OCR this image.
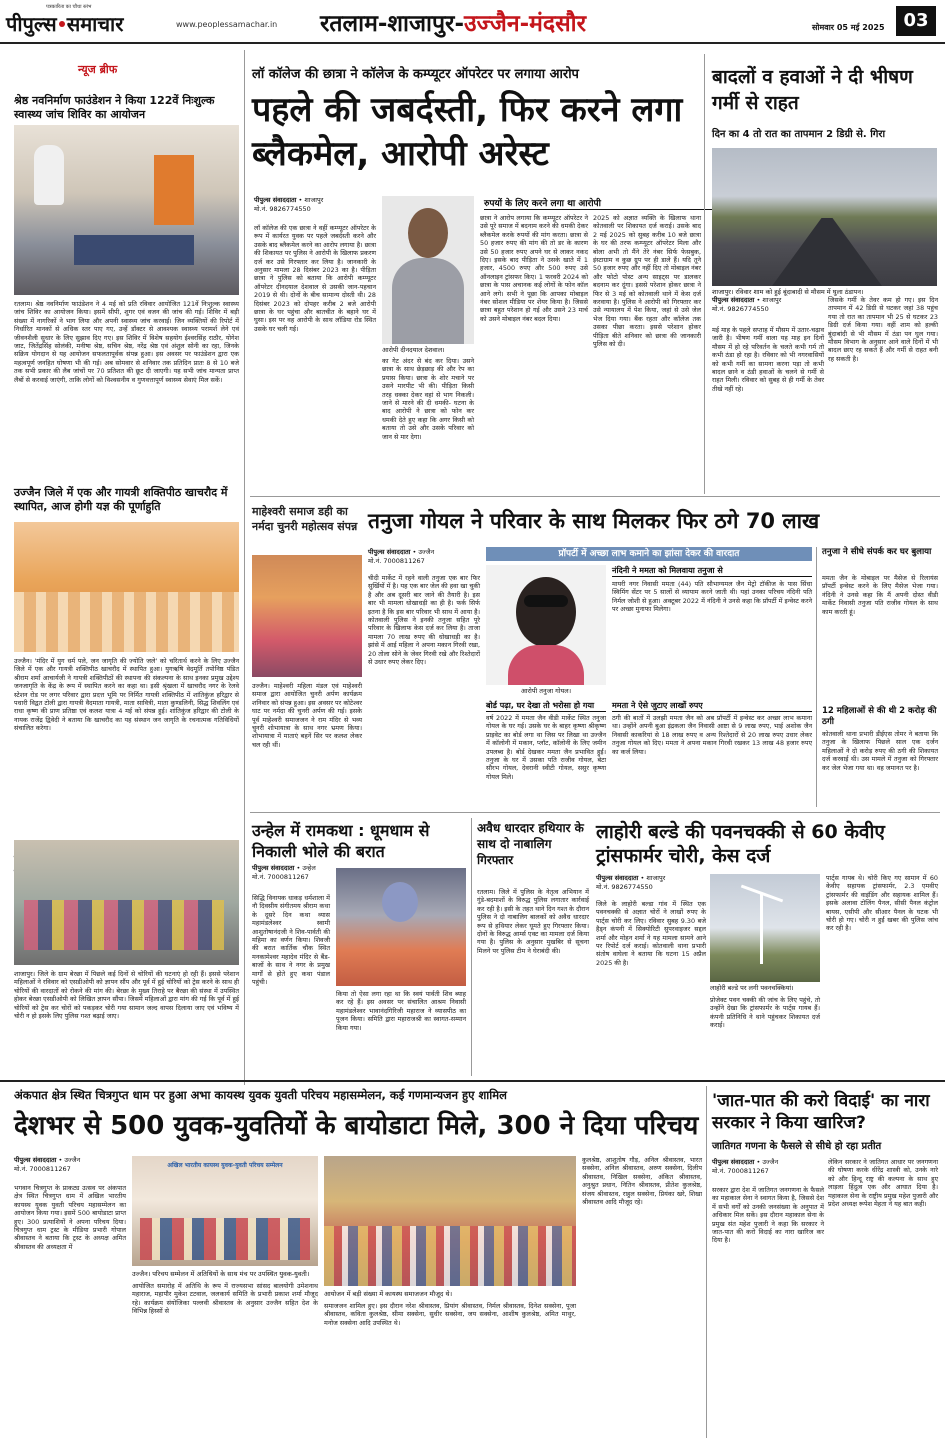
पत्रकारिता का चौथा स्तंभ
पीपुल्स समाचार	www.peoplessamachar.in रतलाम-शाजापुर-उज्जैन-मंदसौर	सोमवार 05 मई 2025	03
न्यूज ब्रीफ
श्रेष्ठ नवनिर्माण फाउंडेशन ने किया 122वें निःशुल्क स्वास्थ्य जांच शिविर का आयोजन
रतलाम। श्रेष्ठ नवनिर्माण फाउंडेशन ने 4 मई को प्रति रविवार आयोजित 121वें निःशुल्क स्वास्थ्य जांच शिविर का आयोजन किया। इसमें सीपी, शुगर एवं वजन की जांच की गई। शिविर में बड़ी संख्या में नागरिकों ने भाग लिया और अपनी स्वास्थ्य जांच करवाई। जिन व्यक्तियों की रिपोर्ट में निर्धारित मानकों से अधिक स्तर पाए गए, उन्हें डॉक्टर से आवश्यक स्वास्थ्य परामर्श लेने एवं जीवनशैली सुधार के लिए सुझाव दिए गए। इस शिविर में विशेष सहयोग ईश्वरसिंह राठौर, योगेश जाट, जितेंद्रसिंह सोलंकी, मनीषा श्रेष्ठ, सचिन श्रेष्ठ, नरेंद्र श्रेष्ठ एवं अंशुल सोनी का रहा, जिनके सक्रिय योगदान से यह आयोजन सफलतापूर्वक संपन्न हुआ। इस अवसर पर फाउंडेशन द्वारा एक महत्वपूर्ण जनहित घोषणा भी की गई। अब सोमवार से शनिवार तक प्रतिदिन प्रातः 8 से 10 बजे तक सभी प्रकार की लैब जांचों पर 70 प्रतिशत की छूट दी जाएगी। यह सभी जांच मान्यता प्राप्त लैबों से करवाई जाएंगी, ताकि लोगों को विश्वसनीय व गुणवत्तापूर्ण स्वास्थ्य सेवाएं मिल सकें।
उज्जैन जिले में एक और गायत्री शक्तिपीठ खाचरौद में स्थापित, आज होगी यज्ञ की पूर्णाहुति
उज्जैन। 'मंदिर में युग धर्म पले, जन जागृति की ज्योति जले' को चरितार्थ करने के लिए उज्जैन जिले में एक और गायत्री शक्तिपीठ खाचरौद में स्थापित हुआ। युगऋषि वेदमूर्ति तपोनिष्ठ पंडित श्रीराम शर्मा आचार्यजी ने गायत्री शक्तिपीठों की स्थापना की संकल्पना के साथ इनका प्रमुख उद्देश्य जनजागृति के केंद्र के रूप में स्थापित करने का कहा था। इसी श्रृंखला में खाचरौद नगर के रेलवे स्टेशन रोड पर लगर परिवार द्वारा प्रदत्त भूमि पर निर्मित गायत्री शक्तिपीठ में शांतिकुंज हरिद्वार से पधारी विद्वत टोली द्वारा गायत्री वैदमाता गायत्री, माता सावित्री, माता कुण्डलिनी, सिद्ध शिवलिंग एवं राधा कृष्ण की प्राण प्रतिष्ठा एवं कलश यात्रा 4 मई को संपन्न हुई। शांतिकुंज हरिद्वार की टोली के नायक राजेंद्र द्विवेदी ने बताया कि खाचरौद का यह संस्थान जन जागृति के रचनात्मक गतिविधियों संचालित करेगा।
शाजापुर। जिले के ग्राम बेरछा में पिछले कई दिनों से चोरियों की घटनाएं हो रही हैं। इससे परेशान महिलाओं ने रविवार को एसडीओपी को ज्ञापन सौंप और पूर्व में हुई चोरियों को ट्रेस करने के साथ ही चोरियों की वारदातों को रोकने की मांग की। बेरछा के मुख्य तिराहे पर बैरछा की संस्था में उपस्थित होकर बेरछा एसडीओपी को लिखित ज्ञापन सौंपा। जिसमें महिलाओं द्वारा मांग की गई कि पूर्व में हुई चोरियों को ट्रेस कर चोरों को पकड़कर चोरी गया सामान जल्द वापस दिलाया जाए एवं भविष्य में चोरी न हो इसके लिए पुलिस गश्त बढ़ाई जाए।
लॉ कॉलेज की छात्रा ने कॉलेज के कम्प्यूटर ऑपरेटर पर लगाया आरोप
पहले की जबर्दस्ती, फिर करने लगा ब्लैकमेल, आरोपी अरेस्ट
पीपुल्स संवाददाता • शाजापुर
मो.नं. 9826774550
लॉ कॉलेज की एक छात्रा ने वहीं कम्प्यूटर ऑपरेटर के रूप में कार्यरत युवक पर पहले जबर्दस्ती करने और उसके बाद ब्लैकमेल करने का आरोप लगाया है। छात्रा की शिकायत पर पुलिस ने आरोपी के खिलाफ प्रकरण दर्ज कर उसे गिरफ्तार कर लिया है। जानकारी के अनुसार मामला 28 दिसंबर 2023 का है। पीड़िता छात्रा ने पुलिस को बताया कि आरोपी कम्प्यूटर ऑपरेटर दीनदयाल देशवाल से उसकी जान-पहचान 2019 से थी। दोनों के बीच सामान्य दोस्ती थी। 28 दिसंबर 2023 को दोपहर करीब 2 बजे आरोपी छात्रा के घर पहुंचा और बातचीत के बहाने घर में घुसा। इस पर वह आरोपी के साथ लॉडिया रोड स्थित उसके घर चली गई।
आरोपी दीनदयाल देशवाल।
का गेट अंदर से बंद कर दिया। उसने छात्रा के साथ छेड़छाड़ की और रेप का प्रयास किया। छात्रा के शोर मचाने पर उसने मारपीट भी की। पीड़िता किसी तरह धक्का देकर वहां से भाग निकली। जाने से मारने की दी धमकी- घटना के बाद आरोपी ने छात्रा को फोन कर धमकी देते हुए कहा कि अगर किसी को बताया तो उसे और उसके परिवार को जान से मार देगा।
रुपयों के लिए करने लगा था आरोपी
छात्रा ने आरोप लगाया कि कम्प्यूटर ऑपरेटर ने उसे पूरे समाज में बदनाम करने की धमकी देकर ब्लैकमेल करके रुपयों की मांग करता। छात्रा से 50 हजार रुपए की मांग की तो डर के कारण उसे 50 हजार रुपए अपने घर से लाकर नकद दिए। इसके बाद पीड़िता ने उसके खाते में 1 हजार, 4500 रुपए और 500 रुपए उसे ऑनलाइन ट्रांसफर किए। 1 फरवरी 2024 को छात्रा के पास अचानक कई लोगों के फोन कॉल आने लगे। सभी ने पूछा कि आपका मोबाइल नंबर सोशल मीडिया पर शेयर किया है। जिससे छात्रा बहुत परेशान हो गई और उसने 23 मार्च को उसने मोबाइल नंबर बदल दिया।
2025 को अज्ञात व्यक्ति के खिलाफ थाना कोतवाली पर शिकायत दर्ज कराई। उसके बाद 2 मई 2025 को सुबह करीब 10 बजे छात्रा के घर की तरफ कम्प्यूटर ऑपरेटर मिला और बोला अभी तो मैंने तेरे नंबर सिर्फ फेसबुक, इंस्टाग्राम व कुछ ग्रुप पर ही डाले हैं। यदि तूने 50 हजार रुपए और नहीं दिए तो मोबाइल नंबर और फोटो पोस्ट अन्य साइट्स पर डालकर बदनाम कर दूंगा। इससे परेशान होकर छात्रा ने फिर से 3 मई को कोतवाली थाने में केस दर्ज करवाया है। पुलिस ने आरोपी को गिरफ्तार कर उसे न्यायालय में पेश किया, जहां से उसे जेल भेज दिया गया। बैंक रहता और कॉलेज तक उसका पीछा करता। इससे परेशान होकर पीड़िता बीते शनिवार को छात्रा की जानकारी पुलिस को दी।
बादलों व हवाओं ने दी भीषण गर्मी से राहत
दिन का 4 तो रात का तापमान 2 डिग्री से. गिरा
शाजापुर। रविवार शाम को हुई बूंदाबादी से मौसम में घुला ठंडापन।
पीपुल्स संवाददाता • शाजापुर
मो.नं. 9826774550
मई माह के पहले सप्ताह में मौसम में उतार-चढ़ाव जारी है। भीषण गर्मी वाला यह माह इन दिनों मौसम में हो रहे परिवर्तन के चलते कभी गर्म तो कभी ठंडा हो रहा है। रविवार को भी नगरवासियों को कभी गर्मी का सामना करना पड़ा तो कभी बादल छाने व ठंडी हवाओं के चलने से गर्मी से राहत मिली। रविवार को सुबह से ही गर्मी के तेवर तीखे नहीं रहे।
जिसके गर्मी के तेवर कम हो गए। इस दिन तापमान में 42 डिग्री से घटकर जहां 38 पहुंच गया तो रात का तापमान भी 25 से घटकर 23 डिग्री दर्ज किया गया। वहीं शाम को हल्की बूंदाबांदी से भी मौसम में ठंडा पन घुल गया। मौसम विभाग के अनुसार आने वाले दिनों में भी बादल छाए रह सकते हैं और गर्मी से राहत बनी रह सकती है।
माहेश्वरी समाज डही का नर्मदा चुनरी महोत्सव संपन्न
उज्जैन। माहेश्वरी महिला मंडल एवं माहेश्वरी समाज द्वारा आयोजित चुनरी अर्पण कार्यक्रम शनिवार को संपन्न हुआ। इस अवसर पर कोटेश्वर घाट पर नर्मदा की चुनरी अर्पण की गई। इसके पूर्व माहेश्वरी समाजजन ने राम मंदिर से भव्य चुनरी शोभायात्रा के साथ नगर भ्रमण किया। शोभायात्रा में माताएं बहनें सिर पर कलश लेकर चल रही थीं।
तनुजा गोयल ने परिवार के साथ मिलकर फिर ठगे 70 लाख
पीपुल्स संवाददाता • उज्जैन
मो.नं. 7000811267
चीदी मार्केट में रहने वाली तनुजा एक बार फिर सुर्खियों में है। यह एक बार जेल की हवा खा चुकी है और अब दूसरी बार जाने की तैयारी है। इस बार भी मामला धोखाधड़ी का ही है। फर्क सिर्फ इतना है कि इस बार परिवार भी साथ में आया है। कोतवाली पुलिस ने इनकी तनुजा सहित पूरे परिवार के खिलाफ केस दर्ज कर लिया है। ताजा मामला 70 लाख रुपए की धोखाधड़ी का है। झांसे में आई महिला ने अपना मकान गिरवी रखा, 20 तोला सोने के जेवर गिरवी रखे और रिश्तेदारों से उधार रुपए लेकर दिए।
प्रॉपर्टी में अच्छा लाभ कमाने का झांसा देकर की वारदात
आरोपी तनुजा गोयल।
नंदिनी ने ममता को मिलवाया तनुजा से
मायरी नगर निवासी ममता (44) पति सौभाग्यमल जैन मेट्रो टॉकीज के पास सिंधा स्विमिंग सेंटर पर 5 सालों से व्यायाम करने जाती थी। यहां उनका परिचय नंदिनी पति निर्मल जोशी से हुआ। अक्टूबर 2022 में नंदिनी ने उनसे कहा कि प्रॉपर्टी में इन्वेस्ट करने पर अच्छा मुनाफा मिलेगा।
बोर्ड पढ़ा, घर देखा तो भरोसा हो गया
वर्ष 2022 में ममता जैन वीडी मार्केट स्थित तनुजा गोयल के घर गई। उसके घर के बाहर कृष्णा श्रीकृष्ण प्राइवेट का बोर्ड लगा था जिस पर लिखा था उज्जैन में कॉलोनी में मकान, प्लॉट, कॉलोनी के लिए जमीन उपलब्ध है। बोर्ड देखकर ममता जैन प्रभावित हुईं। तनुजा के घर में उसका पति राजीव गोयल, बेटा सौरभ गोयल, देवरानी स्वीटी गोयल, ससुर कृष्णा गोयल मिले।
ममता ने ऐसे जुटाए लाखों रुपए
ठगी की बातों में उलझी ममता जैन को अब प्रॉपर्टी में इन्वेस्ट कर अच्छा लाभ कमाना था। उन्होंने अपनी बुआ इंद्रकला जैन निवासी आष्टा से 9 लाख रुपए, भाई अशोक जैन निवासी काकरियां से 18 लाख रुपए व अन्य रिश्तेदारों से 20 लाख रुपए उधार लेकर तनुजा गोयल को दिए। ममता ने अपना मकान गिरवी रखकर 13 लाख 48 हजार रुपए का कर्ज लिया।
तनुजा ने सीधे संपर्क कर घर बुलाया
ममता जैन के मोबाइल पर मैसेज से रिलायंस प्रॉपर्टी इन्वेस्ट करने के लिए मैसेज भेजा गया। नंदिनी ने उनसे कहा कि मैं अपनी दोस्त वीडी मार्केट निवासी तनुजा पति राजीव गोयल के साथ काम करती हूं।
12 महिलाओं से की थी 2 करोड़ की ठगी
कोतवाली थाना प्रभारी डीईएस तोमर ने बताया कि तनुजा के खिलाफ पिछले साल एक दर्जन महिलाओं ने दो करोड़ रुपए की ठगी की शिकायत दर्ज करवाई थी। उस मामले में तनुजा को गिरफ्तार कर जेल भेजा गया था। वह जमानत पर है।
उन्हेल में रामकथा : धूमधाम से निकाली भोले की बरात
पीपुल्स संवाददाता • उन्हेल
मो.नं. 7000811267
सिद्धि विनायक धाकड़ धर्मशाला में नौ दिवसीय संगीतमय श्रीराम कथा के दूसरे दिन कथा व्यास महामंडलेश्वर स्वामी आशुतोषानंदजी ने शिव-पार्वती की महिमा का वर्णन किया। शिवजी की बरात कार्तिक चौक स्थित मनकामेश्वर महादेव मंदिर से बैंड-बाजों के साथ ने नगर के प्रमुख मार्गों से होते हुए कथा पंडाल पहुंची।
किया तो ऐसा लगा रहा था कि स्वयं पार्वती शिव ब्याह कर रहे हैं। इस अवसर पर संचालित आश्रम निवासी महामंडलेश्वर भावानंदगिरिजी महाराज ने व्यासपीठ का पूजन किया। समिति द्वारा महाराजश्री का स्वागत-सम्मान किया गया।
अवैध धारदार हथियार के साथ दो नाबालिग गिरफ्तार
रतलाम। जिले में पुलिस के नेतृत्व अभियान में गुंडे-बदमाशों के विरुद्ध पुलिस लगातार कार्रवाई कर रही है। इसी के तहत थाने दिन गश्त के दौरान पुलिस ने दो नाबालिग बालकों को अवैध धारदार रूप से हथियार लेकर घूमते हुए गिरफ्तार किया। दोनों के विरुद्ध आर्म्स एक्ट का मामला दर्ज किया गया है। पुलिस के अनुसार मुखबिर से सूचना मिलने पर पुलिस टीम ने घेराबंदी की।
लाहोरी बल्डे की पवनचक्की से 60 केवीए ट्रांसफार्मर चोरी, केस दर्ज
पीपुल्स संवाददाता • शाजापुर
मो.नं. 9826774550
जिले के लाहोरी बल्डा गांव में स्थित एक पवनचक्की से अज्ञात चोरों ने लाखों रुपए के पार्ट्स चोरी कर लिए। रविवार सुबह 9.30 बजे हैड्न कंपनी में सिक्योरिटी सुपरवाइजर सद्दल शर्मा और मोहन शर्मा ने यह मामला सामने आने पर रिपोर्ट दर्ज कराई। कोतवाली थाना प्रभारी संतोष वाघेला ने बताया कि घटना 15 अप्रैल 2025 की है।
लाहोरी बल्डे पर लगी पवनचक्कियां।
प्रोजेक्ट पवन चक्की की जांच के लिए पहुंचे, तो उन्होंने देखा कि ट्रांसफार्मर के पार्ट्स गायब हैं। कंपनी प्रतिनिधि ने थाने पहुंचकर शिकायत दर्ज कराई।
पार्ट्स गायब थे। चोरी किए गए सामान में 60 केवीए सहायक ट्रांसफार्मर, 2.3 एमवीए ट्रांसफार्मर की वाइंडिंग और सहायक शामिल हैं। इसके अलावा टोलिंग पैनल, सीसी पैनल कंट्रोल बायस, एसीपी और सीआर पैनल के घटक भी चोरी हो गए। चोरी न हुईं खबर की पुलिस जांच कर रही है।
अंकपात क्षेत्र स्थित चित्रगुप्त धाम पर हुआ अभा कायस्थ युवक युवती परिचय महासम्मेलन, कई गणमान्यजन हुए शामिल
देशभर से 500 युवक-युवतियों के बायोडाटा मिले, 300 ने दिया परिचय
पीपुल्स संवाददाता • उज्जैन
मो.नं. 7000811267
भगवान चित्रगुप्त के प्राकट्य उत्सव पर अंकपात क्षेत्र स्थित चित्रगुप्त धाम में अखिल भारतीय कायस्थ युवक युवती परिचय महासम्मेलन का आयोजन किया गया। इसमें 500 बायोडाटा प्राप्त हुए। 300 प्रत्याशियों ने अपना परिचय दिया। चित्रगुप्त धाम ट्रस्ट के मीडिया प्रभारी गोपाल श्रीवास्तव ने बताया कि ट्रस्ट के अध्यक्ष अमित श्रीवास्तव की अध्यक्षता में
अखिल भारतीय कायस्थ युवक-युवती परिचय सम्मेलन
उज्जैन। परिचय सम्मेलन में अतिथियों के साथ मंच पर उपस्थित युवक-युवती।
आयोजित समारोह में अतिथि के रूप में राज्यसभा सांसद बालयोगी उमेशनाथ महाराज, महापौर मुकेश टटवाल, जलकार्य समिति के प्रभारी प्रकाश शर्मा मौजूद रहे। कार्यक्रम संयोजिका पल्लवी श्रीवास्तव के अनुसार उज्जैन सहित देश के विभिन्न हिस्सों से
आयोजन में बड़ी संख्या में कायस्थ समाजजन मौजूद थे।
समाजजन शामिल हुए। इस दौरान नरेश श्रीवास्तव, प्रियांग श्रीवास्तव, निर्मल श्रीवास्तव, दिनेश सक्सेना, पूजा श्रीवास्तव, कविता कुलश्रेष्ठ, सीमा सक्सेना, सुधीर सक्सेना, जय सक्सेना, आशीष कुलश्रेष्ठ, अमित माथुर, मनोज सक्सेना आदि उपस्थित थे।
कुलश्रेष्ठ, आशुतोष गौड़, अनिल श्रीवास्तव, भारत सक्सेना, अनिल श्रीवास्तव, अरुण सक्सेना, दिलीप श्रीवास्तव, निखिल सक्सेना, अंकित श्रीवास्तव, अनुश्रुत प्रधान, नितिन श्रीवास्तव, प्रीतेश कुलश्रेष्ठ, संजय श्रीवास्तव, राहुल सक्सेना, प्रियंका खरे, शिखा श्रीवास्तव आदि मौजूद रहे।
'जात-पात की करो विदाई' का नारा सरकार ने किया खारिज?
जातिगत गणना के फैसले से सीधे हो रहा प्रतीत
पीपुल्स संवाददाता • उज्जैन
मो.नं. 7000811267
सरकार द्वारा देश में जातिगत जनगणना के फैसले का महाकाल सेना ने स्वागत किया है, जिससे देश में सभी वर्गों को उनकी जनसंख्या के अनुपात में अधिकार मिल सकें। इस दौरान महाकाल सेना के प्रमुख संत महेश पुजारी ने कहा कि सरकार ने जात-पात की करो विदाई का नारा खारिज कर दिया है।
लेकिन सरकार ने जातिगत आधार पर जनगणना की घोषणा करके धीरेंद्र शास्त्री को, उनके नारे को और हिन्दू राष्ट्र की कल्पना के साथ हुए लाड़ला हिंदुत्व एक और आघात दिया है। महाकाल सेना के राष्ट्रीय प्रमुख महेश पुजारी और प्रदेश अध्यक्ष रूपेश मेहता ने यह बात कही।
